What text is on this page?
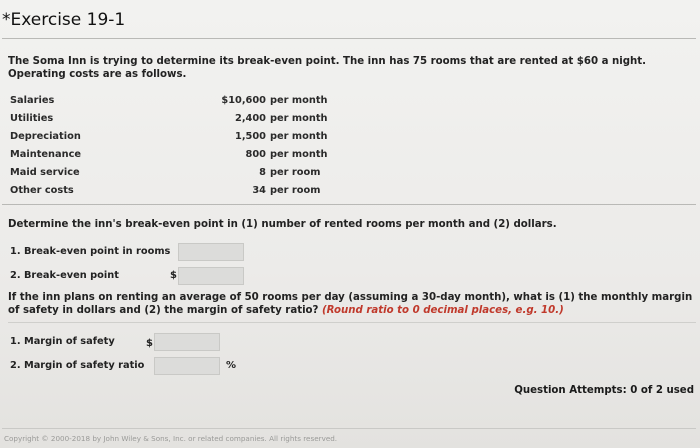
*Exercise 19-1
The Soma Inn is trying to determine its break-even point. The inn has 75 rooms that are rented at $60 a night. Operating costs are as follows.
Salaries	$10,600 per month
Utilities	2,400 per month
Depreciation	1,500 per month
Maintenance	800 per month
Maid service	8 per room
Other costs	34 per room
Determine the inn's break-even point in (1) number of rented rooms per month and (2) dollars.
1. Break-even point in rooms
2. Break-even point	$
If the inn plans on renting an average of 50 rooms per day (assuming a 30-day month), what is (1) the monthly margin of safety in dollars and (2) the margin of safety ratio? (Round ratio to 0 decimal places, e.g. 10.)
1. Margin of safety	$
2. Margin of safety ratio	%
Question Attempts: 0 of 2 used
Copyright © 2000-2018 by John Wiley & Sons, Inc. or related companies. All rights reserved.
